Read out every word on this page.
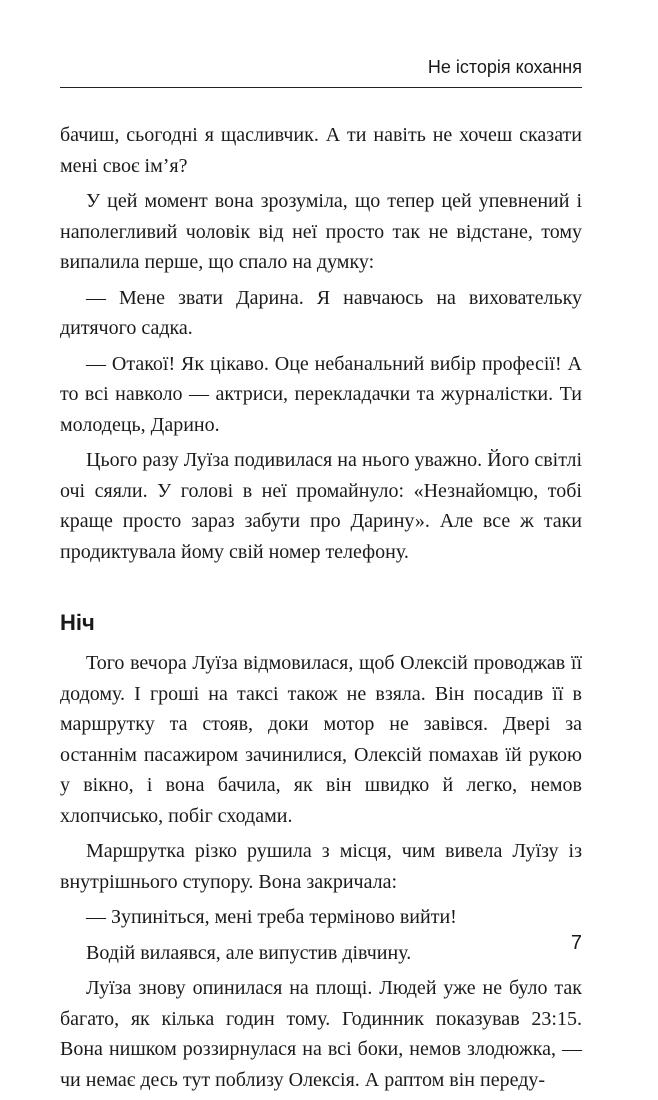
Не історія кохання

бачиш, сьогодні я щасливчик. А ти навіть не хочеш сказати мені своє ім’я?

У цей момент вона зрозуміла, що тепер цей упевнений і наполегливий чоловік від неї просто так не відстане, тому випалила перше, що спало на думку:

— Мене звати Дарина. Я навчаюсь на виховательку дитячого садка.

— Отакої! Як цікаво. Оце небанальний вибір професії! А то всі навколо — актриси, перекладачки та журналістки. Ти молодець, Дарино.

Цього разу Луїза подивилася на нього уважно. Його світлі очі сяяли. У голові в неї промайнуло: «Незнайомцю, тобі краще просто зараз забути про Дарину». Але все ж таки продиктувала йому свій номер телефону.

Ніч

Того вечора Луїза відмовилася, щоб Олексій проводжав її додому. І гроші на таксі також не взяла. Він посадив її в маршрутку та стояв, доки мотор не завівся. Двері за останнім пасажиром зачинилися, Олексій помахав їй рукою у вікно, і вона бачила, як він швидко й легко, немов хлопчисько, побіг сходами.

Маршрутка різко рушила з місця, чим вивела Луїзу із внутрішнього ступору. Вона закричала:

— Зупиніться, мені треба терміново вийти!

Водій вилаявся, але випустив дівчину.

Луїза знову опинилася на площі. Людей уже не було так багато, як кілька годин тому. Годинник показував 23:15. Вона нишком роззирнулася на всі боки, немов злодюжка, — чи немає десь тут поблизу Олексія. А раптом він переду-

7
